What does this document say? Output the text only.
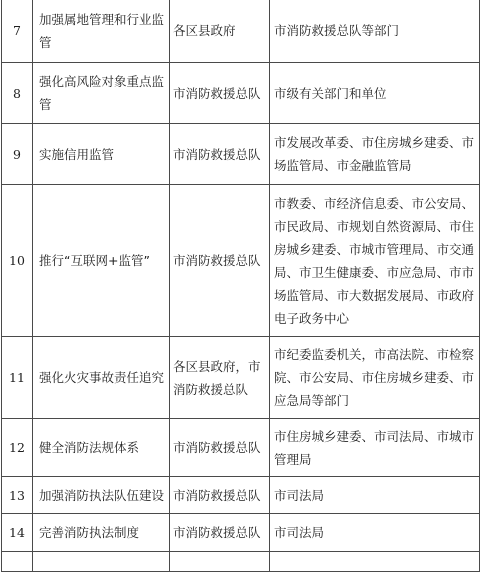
7	加强属地管理和行业监管	各区县政府	市消防救援总队等部门
8	强化高风险对象重点监管	市消防救援总队	市级有关部门和单位
9	实施信用监管	市消防救援总队	市发展改革委、市住房城乡建委、市场监管局、市金融监管局
10	推行“互联网+监管”	市消防救援总队	市教委、市经济信息委、市公安局、市民政局、市规划自然资源局、市住房城乡建委、市城市管理局、市交通局、市卫生健康委、市应急局、市市场监管局、市大数据发展局、市政府电子政务中心
11	强化火灾事故责任追究	各区县政府，市消防救援总队	市纪委监委机关，市高法院、市检察院、市公安局、市住房城乡建委、市应急局等部门
12	健全消防法规体系	市消防救援总队	市住房城乡建委、市司法局、市城市管理局
13	加强消防执法队伍建设	市消防救援总队	市司法局
14	完善消防执法制度	市消防救援总队	市司法局
